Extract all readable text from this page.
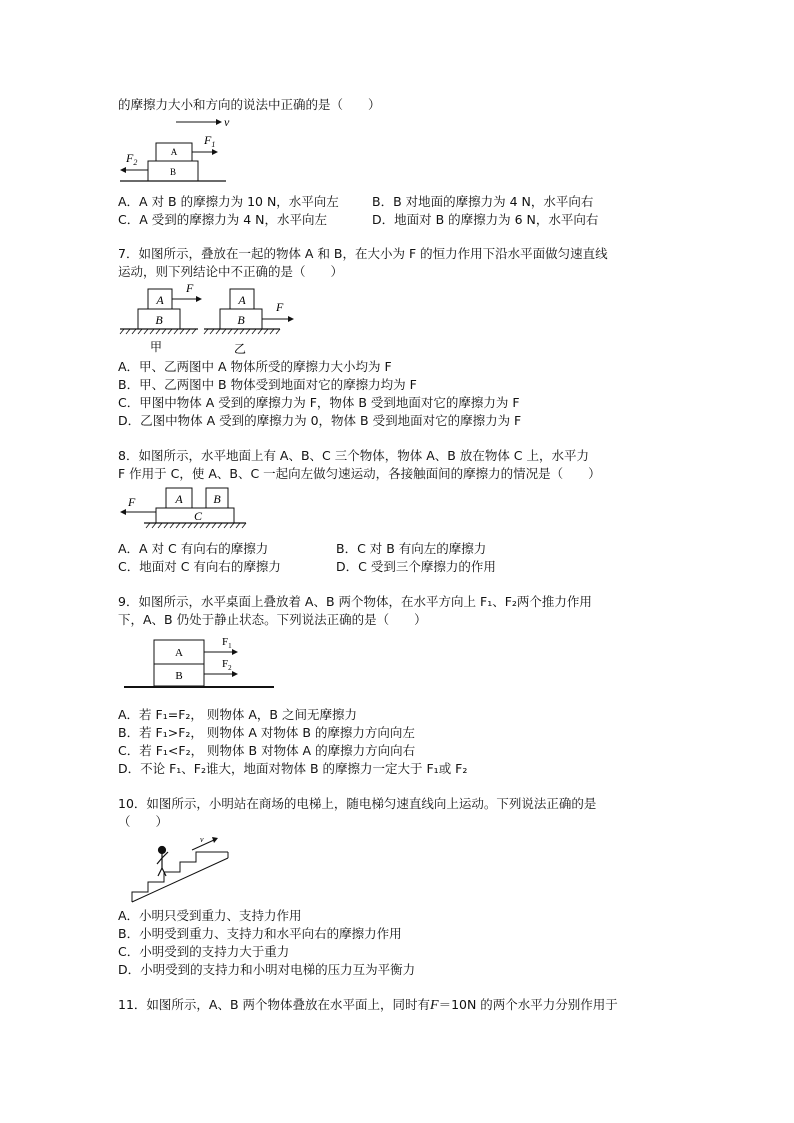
的摩擦力大小和方向的说法中正确的是（　　）
v
A
B
$F_1$
$F_2$
A．A 对 B 的摩擦力为 10 N，水平向左	B．B 对地面的摩擦力为 4 N，水平向右
C．A 受到的摩擦力为 4 N，水平向左	D．地面对 B 的摩擦力为 6 N，水平向右
7．如图所示，叠放在一起的物体 A 和 B，在大小为 F 的恒力作用下沿水平面做匀速直线
运动，则下列结论中不正确的是（　　）
A
B
F
甲
A
B
F
乙
A．甲、乙两图中 A 物体所受的摩擦力大小均为 F
B．甲、乙两图中 B 物体受到地面对它的摩擦力均为 F
C．甲图中物体 A 受到的摩擦力为 F，物体 B 受到地面对它的摩擦力为 F
D．乙图中物体 A 受到的摩擦力为 0，物体 B 受到地面对它的摩擦力为 F
8．如图所示，水平地面上有 A、B、C 三个物体，物体 A、B 放在物体 C 上，水平力
F 作用于 C，使 A、B、C 一起向左做匀速运动，各接触面间的摩擦力的情况是（　　）
A	B
C
F
A．A 对 C 有向右的摩擦力	B．C 对 B 有向左的摩擦力
C．地面对 C 有向右的摩擦力	D．C 受到三个摩擦力的作用
9．如图所示，水平桌面上叠放着 A、B 两个物体，在水平方向上 F₁、F₂两个推力作用
下，A、B 仍处于静止状态。下列说法正确的是（　　）
A
B
$F_1$
$F_2$
A．若 F₁=F₂， 则物体 A，B 之间无摩擦力
B．若 F₁>F₂， 则物体 A 对物体 B 的摩擦力方向向左
C．若 F₁<F₂， 则物体 B 对物体 A 的摩擦力方向向右
D．不论 F₁、F₂谁大，地面对物体 B 的摩擦力一定大于 F₁或 F₂
10．如图所示，小明站在商场的电梯上，随电梯匀速直线向上运动。下列说法正确的是
（　　）
v
A．小明只受到重力、支持力作用
B．小明受到重力、支持力和水平向右的摩擦力作用
C．小明受到的支持力大于重力
D．小明受到的支持力和小明对电梯的压力互为平衡力
11．如图所示，A、B 两个物体叠放在水平面上，同时有F＝10N 的两个水平力分别作用于
